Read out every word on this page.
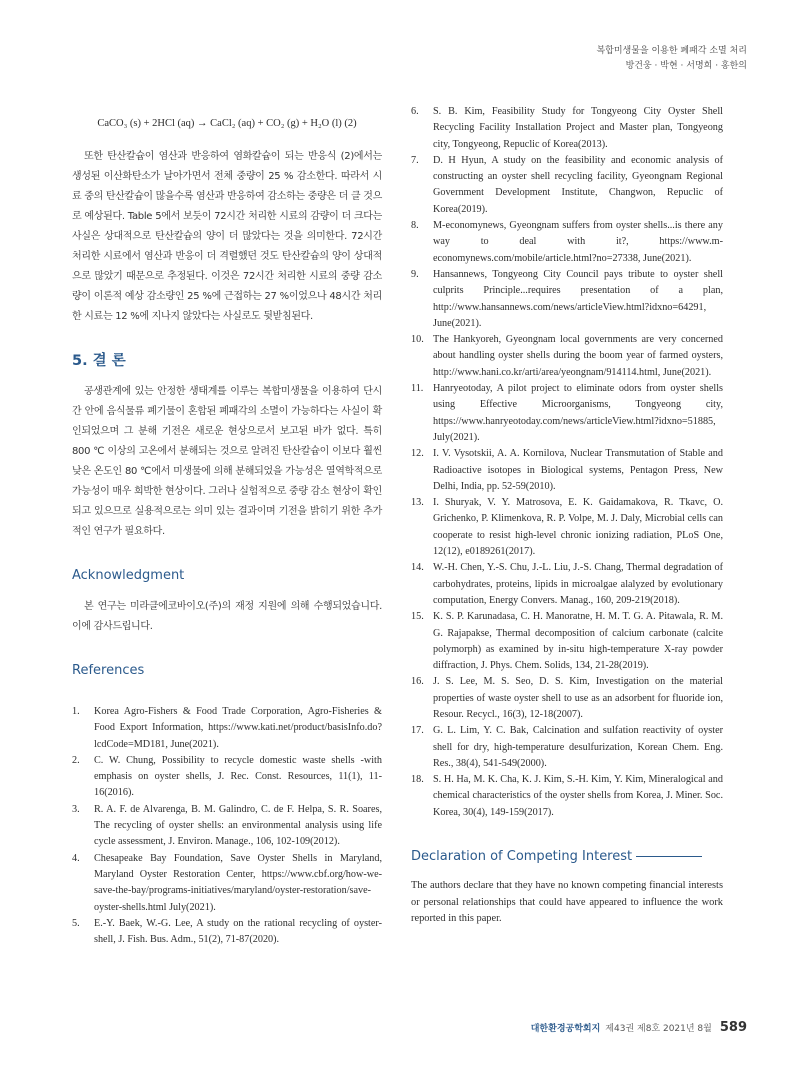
복합미생물을 이용한 폐패각 소멸 처리
방건웅 · 박현 · 서명희 · 홍한의
CaCO₃ (s) + 2HCl (aq) → CaCl₂ (aq) + CO₂ (g) + H₂O (l) (2)

또한 탄산칼슘이 염산과 반응하여 염화칼슘이 되는 반응식 (2)에서는 생성된 이산화탄소가 날아가면서 전체 중량이 25 % 감소한다. 따라서 시료 중의 탄산칼슘이 많을수록 염산과 반응하여 감소하는 중량은 더 클 것으로 예상된다. Table 5에서 보듯이 72시간 처리한 시료의 감량이 더 크다는 사실은 상대적으로 탄산칼슘의 양이 더 많았다는 것을 의미한다. 72시간 처리한 시료에서 염산과 반응이 더 격렬했던 것도 탄산칼슘의 양이 상대적으로 많았기 때문으로 추정된다. 이것은 72시간 처리한 시료의 중량 감소량이 이론적 예상 감소량인 25 %에 근접하는 27 %이었으나 48시간 처리한 시료는 12 %에 지나지 않았다는 사실로도 뒷받침된다.

5. 결 론

공생관계에 있는 안정한 생태계를 이루는 복합미생물을 이용하여 단시간 안에 음식물류 폐기물이 혼합된 폐패각의 소멸이 가능하다는 사실이 확인되었으며 그 분해 기전은 새로운 현상으로서 보고된 바가 없다. 특히 800 ℃ 이상의 고온에서 분해되는 것으로 알려진 탄산칼슘이 이보다 훨씬 낮은 온도인 80 ℃에서 미생물에 의해 분해되었을 가능성은 열역학적으로 가능성이 매우 희박한 현상이다. 그러나 실험적으로 중량 감소 현상이 확인되고 있으므로 실용적으로는 의미 있는 결과이며 기전을 밝히기 위한 추가적인 연구가 필요하다.

Acknowledgment

본 연구는 미라클에코바이오(주)의 재정 지원에 의해 수행되었습니다. 이에 감사드립니다.

References
1. Korea Agro-Fishers & Food Trade Corporation, Agro-Fisheries & Food Export Information, https://www.kati.net/product/basisInfo.do?lcdCode=MD181, June(2021).
2. C. W. Chung, Possibility to recycle domestic waste shells -with emphasis on oyster shells, J. Rec. Const. Resources, 11(1), 11-16(2016).
3. R. A. F. de Alvarenga, B. M. Galindro, C. de F. Helpa, S. R. Soares, The recycling of oyster shells: an environmental analysis using life cycle assessment, J. Environ. Manage., 106, 102-109(2012).
4. Chesapeake Bay Foundation, Save Oyster Shells in Maryland, Maryland Oyster Restoration Center, https://www.cbf.org/how-we-save-the-bay/programs-initiatives/maryland/oyster-restoration/save-oyster-shells.html July(2021).
5. E.-Y. Baek, W.-G. Lee, A study on the rational recycling of oyster-shell, J. Fish. Bus. Adm., 51(2), 71-87(2020).
6. S. B. Kim, Feasibility Study for Tongyeong City Oyster Shell Recycling Facility Installation Project and Master plan, Tongyeong city, Tongyeong, Repuclic of Korea(2013).
7. D. H Hyun, A study on the feasibility and economic analysis of constructing an oyster shell recycling facility, Gyeongnam Regional Government Development Institute, Changwon, Repuclic of Korea(2019).
8. M-economynews, Gyeongnam suffers from oyster shells...is there any way to deal with it?, https://www.m-economynews.com/mobile/article.html?no=27338, June(2021).
9. Hansannews, Tongyeong City Council pays tribute to oyster shell culprits Principle...requires presentation of a plan, http://www.hansannews.com/news/articleView.html?idxno=64291, June(2021).
10. The Hankyoreh, Gyeongnam local governments are very concerned about handling oyster shells during the boom year of farmed oysters, http://www.hani.co.kr/arti/area/yeongnam/914114.html, June(2021).
11. Hanryeotoday, A pilot project to eliminate odors from oyster shells using Effective Microorganisms, Tongyeong city, https://www.hanryeotoday.com/news/articleView.html?idxno=51885, July(2021).
12. I. V. Vysotskii, A. A. Kornilova, Nuclear Transmutation of Stable and Radioactive isotopes in Biological systems, Pentagon Press, New Delhi, India, pp. 52-59(2010).
13. I. Shuryak, V. Y. Matrosova, E. K. Gaidamakova, R. Tkavc, O. Grichenko, P. Klimenkova, R. P. Volpe, M. J. Daly, Microbial cells can cooperate to resist high-level chronic ionizing radiation, PLoS One, 12(12), e0189261(2017).
14. W.-H. Chen, Y.-S. Chu, J.-L. Liu, J.-S. Chang, Thermal degradation of carbohydrates, proteins, lipids in microalgae alalyzed by evolutionary computation, Energy Convers. Manag., 160, 209-219(2018).
15. K. S. P. Karunadasa, C. H. Manoratne, H. M. T. G. A. Pitawala, R. M. G. Rajapakse, Thermal decomposition of calcium carbonate (calcite polymorph) as examined by in-situ high-temperature X-ray powder diffraction, J. Phys. Chem. Solids, 134, 21-28(2019).
16. J. S. Lee, M. S. Seo, D. S. Kim, Investigation on the material properties of waste oyster shell to use as an adsorbent for fluoride ion, Resour. Recycl., 16(3), 12-18(2007).
17. G. L. Lim, Y. C. Bak, Calcination and sulfation reactivity of oyster shell for dry, high-temperature desulfurization, Korean Chem. Eng. Res., 38(4), 541-549(2000).
18. S. H. Ha, M. K. Cha, K. J. Kim, S.-H. Kim, Y. Kim, Mineralogical and chemical characteristics of the oyster shells from Korea, J. Miner. Soc. Korea, 30(4), 149-159(2017).
Declaration of Competing Interest
The authors declare that they have no known competing financial interests or personal relationships that could have appeared to influence the work reported in this paper.
대한환경공학회지 제43권 제8호 2021년 8월 589
